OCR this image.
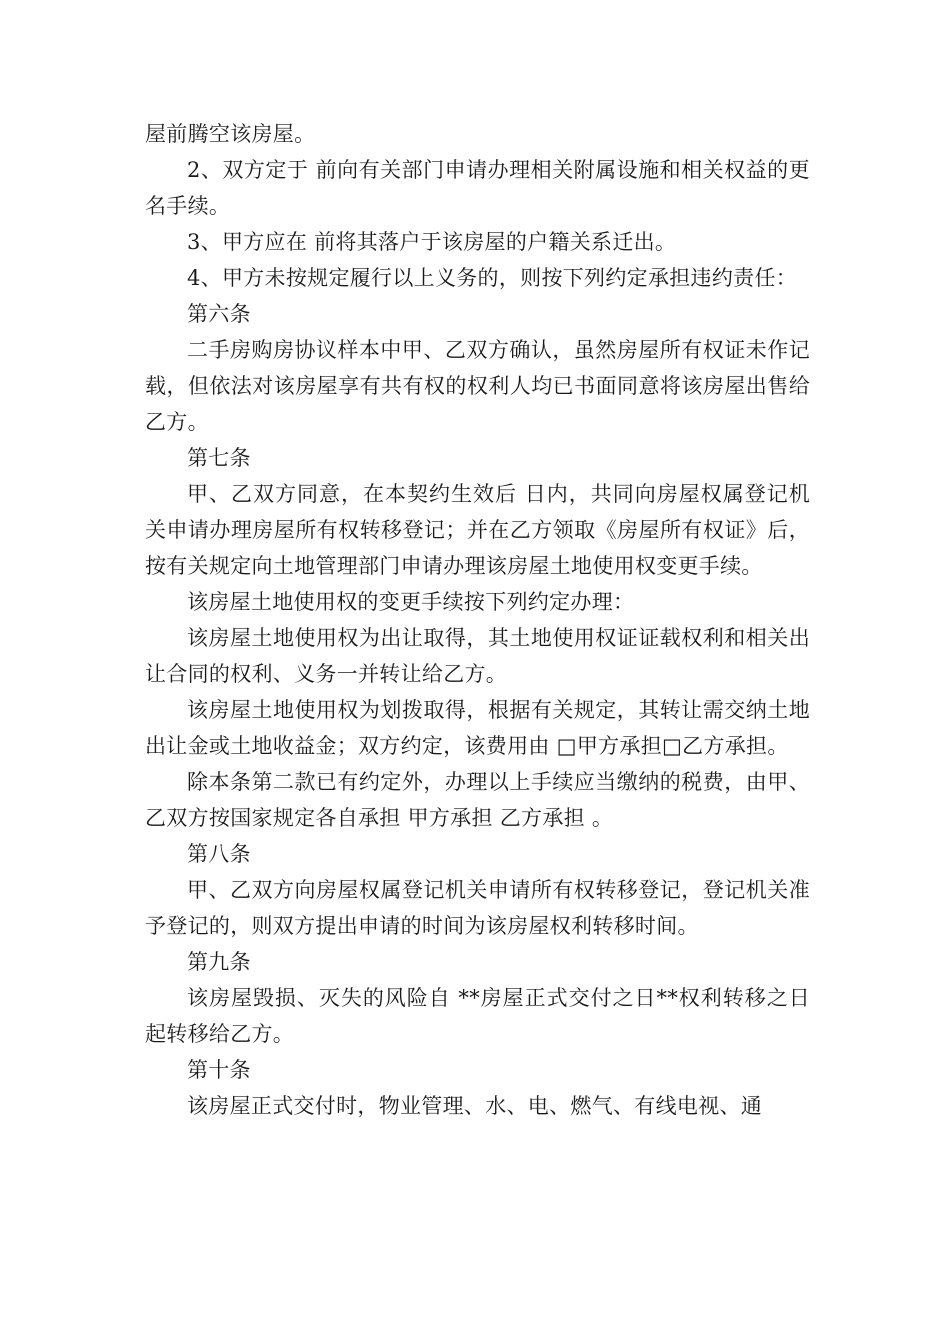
屋前腾空该房屋。

2、双方定于 前向有关部门申请办理相关附属设施和相关权益的更名手续。

3、甲方应在 前将其落户于该房屋的户籍关系迁出。

4、甲方未按规定履行以上义务的，则按下列约定承担违约责任：

第六条

二手房购房协议样本中甲、乙双方确认，虽然房屋所有权证未作记载，但依法对该房屋享有共有权的权利人均已书面同意将该房屋出售给乙方。

第七条

甲、乙双方同意，在本契约生效后 日内，共同向房屋权属登记机关申请办理房屋所有权转移登记；并在乙方领取《房屋所有权证》后，按有关规定向土地管理部门申请办理该房屋土地使用权变更手续。

该房屋土地使用权的变更手续按下列约定办理：

该房屋土地使用权为出让取得，其土地使用权证证载权利和相关出让合同的权利、义务一并转让给乙方。

该房屋土地使用权为划拨取得，根据有关规定，其转让需交纳土地出让金或土地收益金；双方约定，该费用由 □甲方承担□乙方承担。

除本条第二款已有约定外，办理以上手续应当缴纳的税费，由甲、乙双方按国家规定各自承担 甲方承担 乙方承担 。

第八条

甲、乙双方向房屋权属登记机关申请所有权转移登记，登记机关准予登记的，则双方提出申请的时间为该房屋权利转移时间。

第九条

该房屋毁损、灭失的风险自 **房屋正式交付之日**权利转移之日 起转移给乙方。

第十条

该房屋正式交付时，物业管理、水、电、燃气、有线电视、通
